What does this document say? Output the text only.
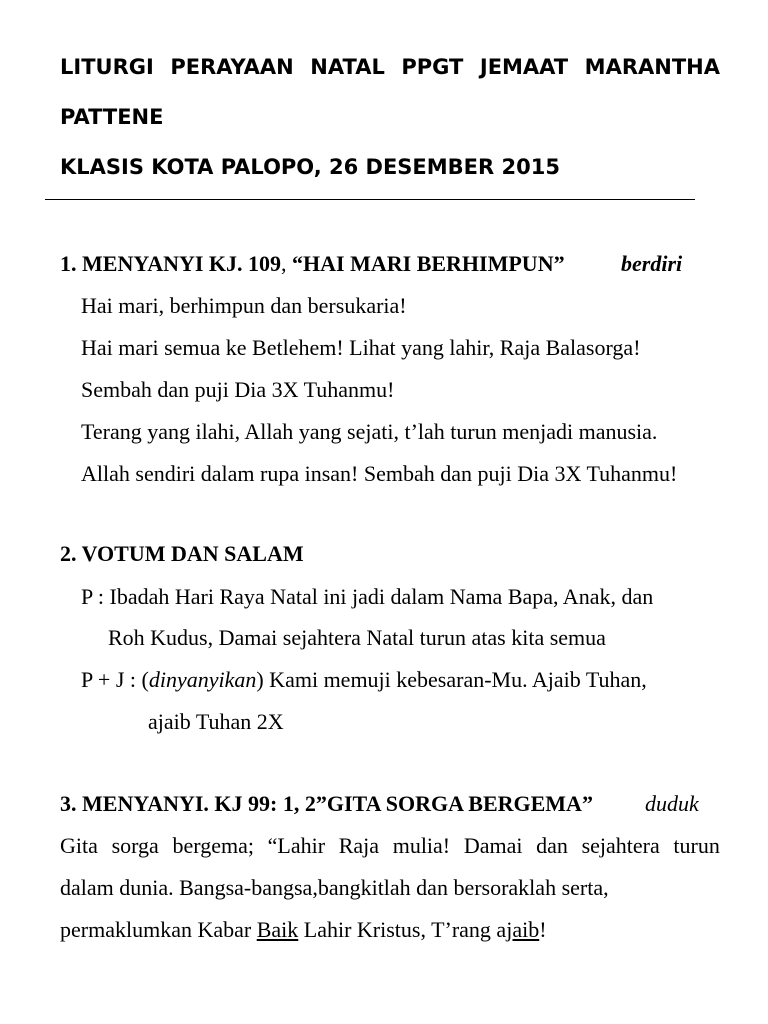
LITURGI PERAYAAN NATAL PPGT JEMAAT MARANTHA
PATTENE
KLASIS KOTA PALOPO, 26 DESEMBER 2015
1. MENYANYI KJ. 109, “HAI MARI BERHIMPUN”	berdiri
Hai mari, berhimpun dan bersukaria!
Hai mari semua ke Betlehem! Lihat yang lahir, Raja Balasorga!
Sembah dan puji Dia 3X Tuhanmu!
Terang yang ilahi, Allah yang sejati, t’lah turun menjadi manusia.
Allah sendiri dalam rupa insan! Sembah dan puji Dia 3X Tuhanmu!
2. VOTUM DAN SALAM
P : Ibadah Hari Raya Natal ini jadi dalam Nama Bapa, Anak, dan
Roh Kudus, Damai sejahtera Natal turun atas kita semua
P + J : (dinyanyikan) Kami memuji kebesaran-Mu. Ajaib Tuhan,
ajaib Tuhan 2X
3. MENYANYI. KJ 99: 1, 2”GITA SORGA BERGEMA” duduk
Gita sorga bergema; “Lahir Raja mulia! Damai dan sejahtera turun
dalam dunia. Bangsa-bangsa,bangkitlah dan bersoraklah serta,
permaklumkan Kabar Baik Lahir Kristus, T’rang ajaib!
